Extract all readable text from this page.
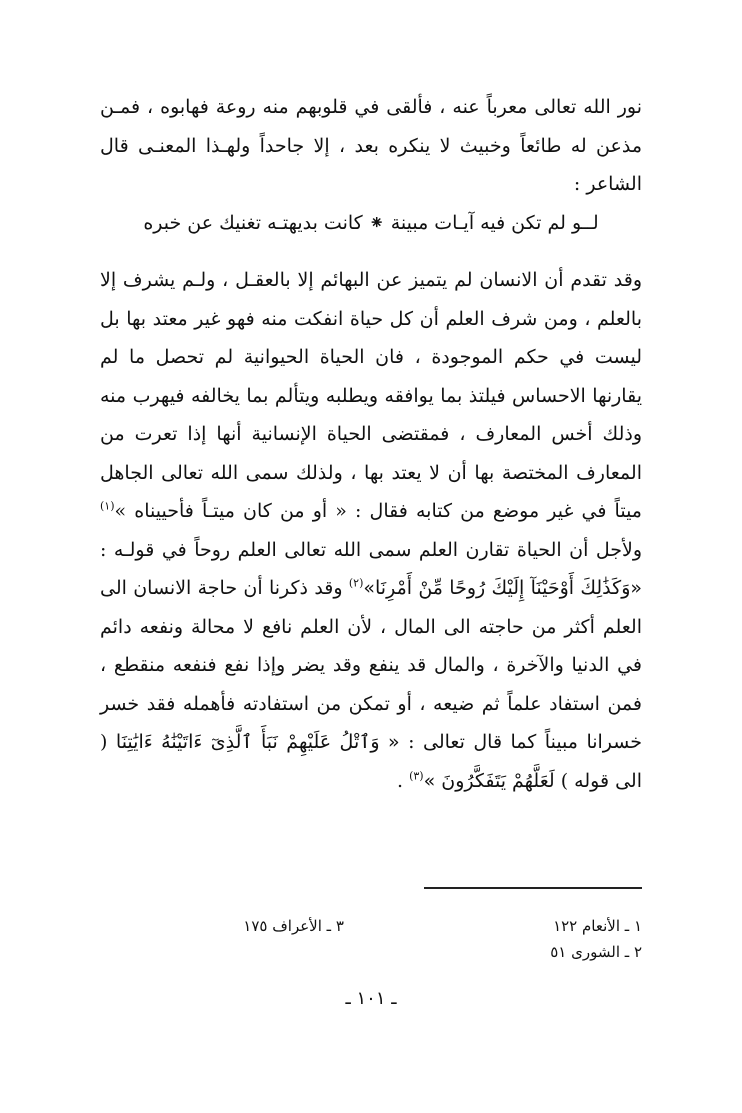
نور الله تعالى معرباً عنه ، فألقى في قلوبهم منه روعة فهابوه ، فمـن مذعن له طائعاً وخبيث لا ينكره بعد ، إلا جاحداً ولهـذا المعنـى قال الشاعر :

لــو لم تكن فيه آيـات مبينة ⁕ كانت بديهتـه تغنيك عن خبره

وقد تقدم أن الانسان لم يتميز عن البهائم إلا بالعقـل ، ولـم يشرف إلا بالعلم ، ومن شرف العلم أن كل حياة انفكت منه فهو غير معتد بها بل ليست في حكم الموجودة ، فان الحياة الحيوانية لم تحصل ما لم يقارنها الاحساس فيلتذ بما يوافقه ويطلبه ويتألم بما يخالفه فيهرب منه وذلك أخس المعارف ، فمقتضى الحياة الإنسانية أنها إذا تعرت من المعارف المختصة بها أن لا يعتد بها ، ولذلك سمى الله تعالى الجاهل ميتاً في غير موضع من كتابه فقال : « أو من كان ميتـاً فأحييناه »$^{(١)}$ ولأجل أن الحياة تقارن العلم سمى الله تعالى العلم روحاً في قولـه : «وَكَذَٰلِكَ أَوْحَيْنَآ إِلَيْكَ رُوحًا مِّنْ أَمْرِنَا»$^{(٢)}$ وقد ذكرنا أن حاجة الانسان الى العلم أكثر من حاجته الى المال ، لأن العلم نافع لا محالة ونفعه دائم في الدنيا والآخرة ، والمال قد ينفع وقد يضر وإذا نفع فنفعه منقطع ، فمن استفاد علماً ثم ضيعه ، أو تمكن من استفادته فأهمله فقد خسر خسرانا مبيناً كما قال تعالى : « وَٱتْلُ عَلَيْهِمْ نَبَأَ ٱلَّذِىٓ ءَاتَيْنَٰهُ ءَايَٰتِنَا ( الى قوله ) لَعَلَّهُمْ يَتَفَكَّرُونَ »$^{(٣)}$ .

١ ـ الأنعام ١٢٢
٣ ـ الأعراف ١٧٥
٢ ـ الشورى ٥١
ـ ١٠١ ـ
